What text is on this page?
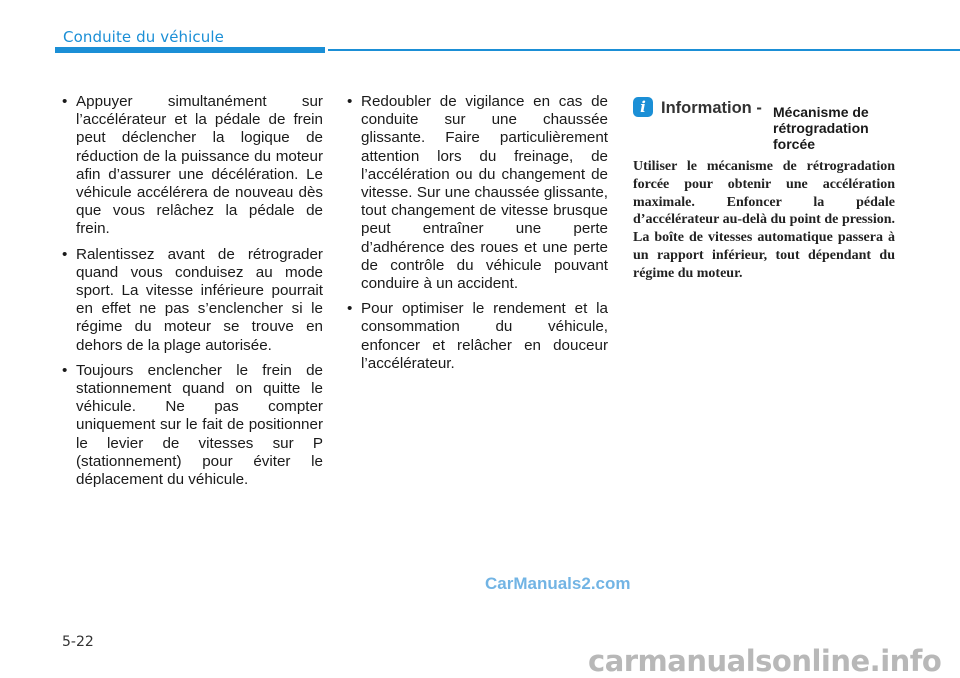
Conduite du véhicule
• Appuyer simultanément sur l’accélérateur et la pédale de frein peut déclencher la logique de réduction de la puissance du moteur afin d’assurer une décélération. Le véhicule accélérera de nouveau dès que vous relâchez la pédale de frein.
• Ralentissez avant de rétrograder quand vous conduisez au mode sport. La vitesse inférieure pourrait en effet ne pas s’enclencher si le régime du moteur se trouve en dehors de la plage autorisée.
• Toujours enclencher le frein de stationnement quand on quitte le véhicule. Ne pas compter uniquement sur le fait de positionner le levier de vitesses sur P (stationnement) pour éviter le déplacement du véhicule.
• Redoubler de vigilance en cas de conduite sur une chaussée glissante. Faire particulièrement attention lors du freinage, de l’accélération ou du changement de vitesse. Sur une chaussée glissante, tout changement de vitesse brusque peut entraîner une perte d’adhérence des roues et une perte de contrôle du véhicule pouvant conduire à un accident.
• Pour optimiser le rendement et la consommation du véhicule, enfoncer et relâcher en douceur l’accélérateur.
i Information - Mécanisme de rétrogradation forcée

Utiliser le mécanisme de rétrogradation forcée pour obtenir une accélération maximale. Enfoncer la pédale d’accélérateur au-delà du point de pression. La boîte de vitesses automatique passera à un rapport inférieur, tout dépendant du régime du moteur.

CarManuals2.com
5-22
carmanualsonline.info
